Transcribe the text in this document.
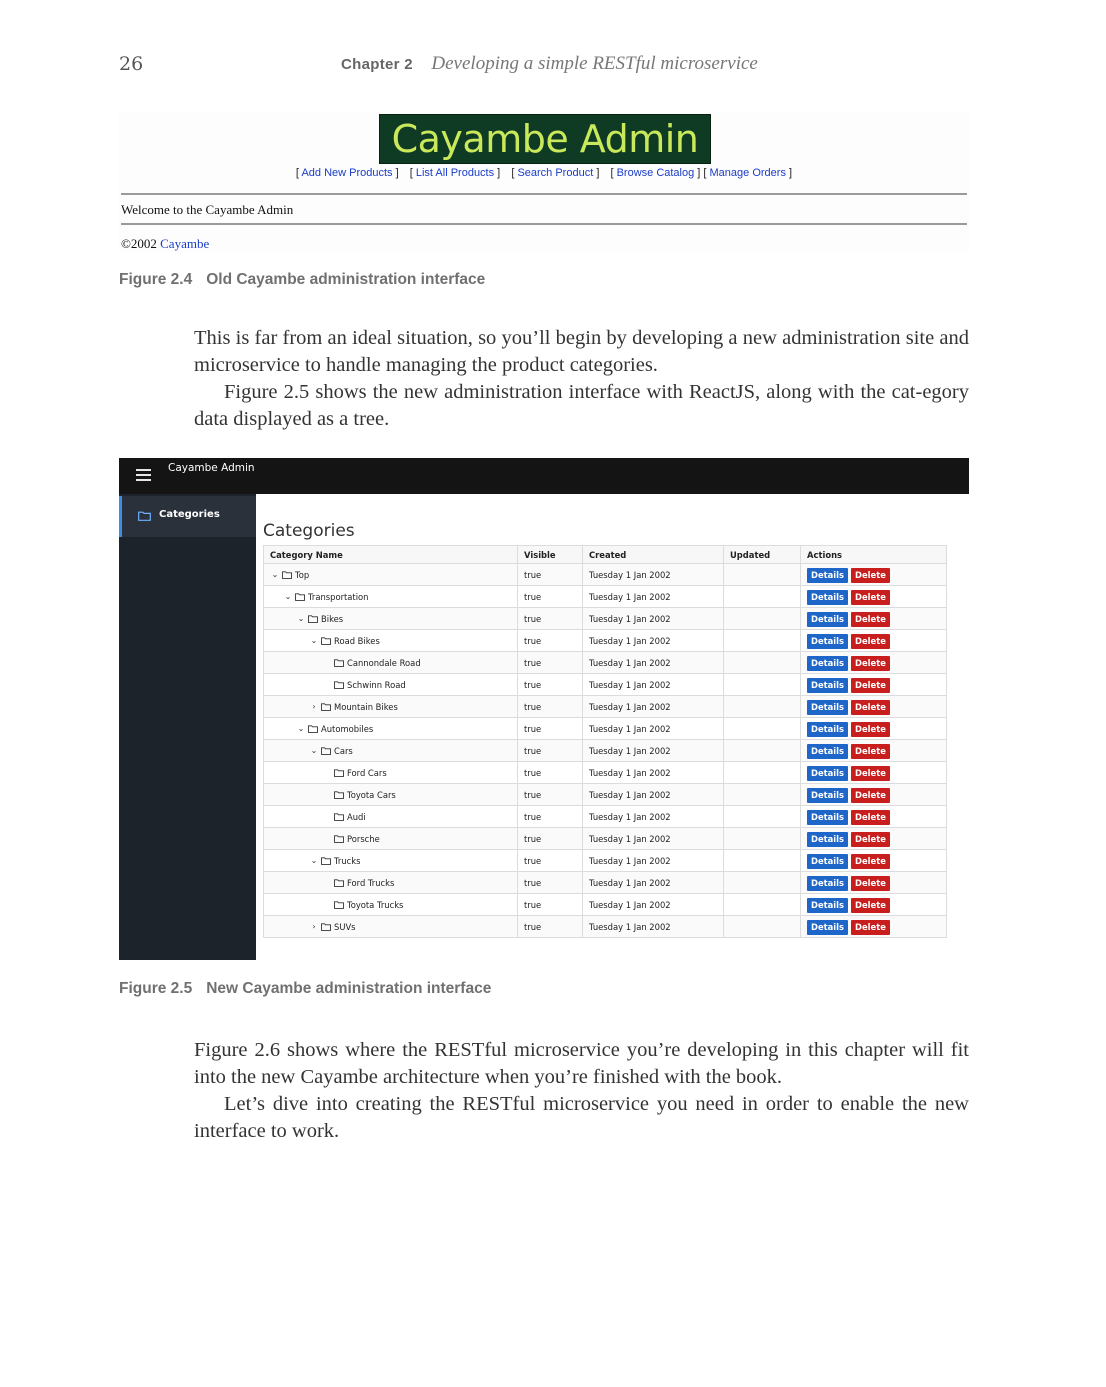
26	Chapter 2 Developing a simple RESTful microservice
Cayambe Admin
[ Add New Products ] [ List All Products ] [ Search Product ] [ Browse Catalog ] [ Manage Orders ]
Welcome to the Cayambe Admin
©2002 Cayambe
Figure 2.4 Old Cayambe administration interface

This is far from an ideal situation, so you’ll begin by developing a new administration site and microservice to handle managing the product categories.

Figure 2.5 shows the new administration interface with ReactJS, along with the cat-egory data displayed as a tree.

Cayambe Admin
Categories
Categories
Category Name	Visible	Created	Updated	Actions

⌄ Top	true	Tuesday 1 Jan 2002		Details Delete

⌄ Transportation	true	Tuesday 1 Jan 2002		Details Delete

⌄ Bikes	true	Tuesday 1 Jan 2002		Details Delete

⌄ Road Bikes	true	Tuesday 1 Jan 2002		Details Delete

Cannondale Road	true	Tuesday 1 Jan 2002		Details Delete

Schwinn Road	true	Tuesday 1 Jan 2002		Details Delete

› Mountain Bikes	true	Tuesday 1 Jan 2002		Details Delete

⌄ Automobiles	true	Tuesday 1 Jan 2002		Details Delete

⌄ Cars	true	Tuesday 1 Jan 2002		Details Delete

Ford Cars	true	Tuesday 1 Jan 2002		Details Delete

Toyota Cars	true	Tuesday 1 Jan 2002		Details Delete

Audi	true	Tuesday 1 Jan 2002		Details Delete

Porsche	true	Tuesday 1 Jan 2002		Details Delete

⌄ Trucks	true	Tuesday 1 Jan 2002		Details Delete

Ford Trucks	true	Tuesday 1 Jan 2002		Details Delete

Toyota Trucks	true	Tuesday 1 Jan 2002		Details Delete

› SUVs	true	Tuesday 1 Jan 2002		Details Delete
Figure 2.5 New Cayambe administration interface

Figure 2.6 shows where the RESTful microservice you’re developing in this chapter will fit into the new Cayambe architecture when you’re finished with the book.

Let’s dive into creating the RESTful microservice you need in order to enable the new interface to work.
